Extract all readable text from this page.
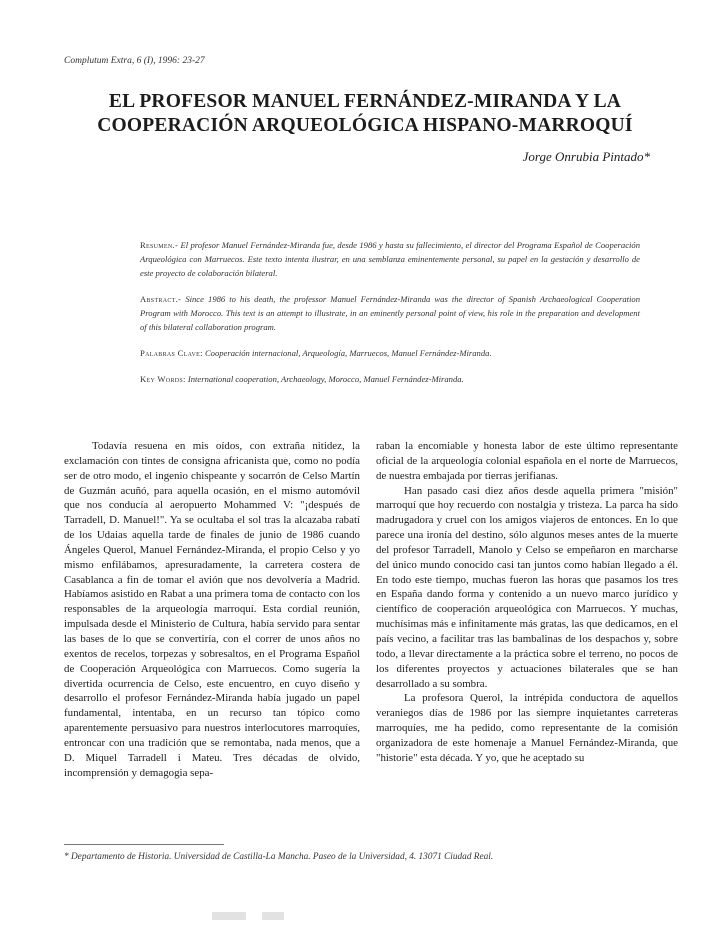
Complutum Extra, 6 (I), 1996: 23-27
EL PROFESOR MANUEL FERNÁNDEZ-MIRANDA Y LA
COOPERACIÓN ARQUEOLÓGICA HISPANO-MARROQUÍ
Jorge Onrubia Pintado*

Resumen.- El profesor Manuel Fernández-Miranda fue, desde 1986 y hasta su fallecimiento, el director del Programa Español de Cooperación Arqueológica con Marruecos. Este texto intenta ilustrar, en una semblanza eminentemente personal, su papel en la gestación y desarrollo de este proyecto de colaboración bilateral.

Abstract.- Since 1986 to his death, the professor Manuel Fernández-Miranda was the director of Spanish Archaeological Cooperation Program with Morocco. This text is an attempt to illustrate, in an eminently personal point of view, his role in the preparation and development of this bilateral collaboration program.

Palabras Clave: Cooperación internacional, Arqueología, Marruecos, Manuel Fernández-Miranda.

Key Words: International cooperation, Archaeology, Morocco, Manuel Fernández-Miranda.

Todavía resuena en mis oídos, con extraña nitidez, la exclamación con tintes de consigna africanista que, como no podía ser de otro modo, el ingenio chispeante y socarrón de Celso Martín de Guzmán acuñó, para aquella ocasión, en el mismo automóvil que nos conducía al aeropuerto Mohammed V: "¡después de Tarradell, D. Manuel!". Ya se ocultaba el sol tras la alcazaba rabatí de los Udaias aquella tarde de finales de junio de 1986 cuando Ángeles Querol, Manuel Fernández-Miranda, el propio Celso y yo mismo enfilábamos, apresuradamente, la carretera costera de Casablanca a fin de tomar el avión que nos devolvería a Madrid. Habíamos asistido en Rabat a una primera toma de contacto con los responsables de la arqueología marroquí. Esta cordial reunión, impulsada desde el Ministerio de Cultura, había servido para sentar las bases de lo que se convertiría, con el correr de unos años no exentos de recelos, torpezas y sobresaltos, en el Programa Español de Cooperación Arqueológica con Marruecos. Como sugería la divertida ocurrencia de Celso, este encuentro, en cuyo diseño y desarrollo el profesor Fernández-Miranda había jugado un papel fundamental, intentaba, en un recurso tan tópico como aparentemente persuasivo para nuestros interlocutores marroquíes, entroncar con una tradición que se remontaba, nada menos, que a D. Miquel Tarradell i Mateu. Tres décadas de olvido, incomprensión y demagogia sepa-

raban la encomiable y honesta labor de este último representante oficial de la arqueología colonial española en el norte de Marruecos, de nuestra embajada por tierras jerifianas.

Han pasado casi diez años desde aquella primera "misión" marroquí que hoy recuerdo con nostalgia y tristeza. La parca ha sido madrugadora y cruel con los amigos viajeros de entonces. En lo que parece una ironía del destino, sólo algunos meses antes de la muerte del profesor Tarradell, Manolo y Celso se empeñaron en marcharse del único mundo conocido casi tan juntos como habían llegado a él. En todo este tiempo, muchas fueron las horas que pasamos los tres en España dando forma y contenido a un nuevo marco jurídico y científico de cooperación arqueológica con Marruecos. Y muchas, muchísimas más e infinitamente más gratas, las que dedicamos, en el país vecino, a facilitar tras las bambalinas de los despachos y, sobre todo, a llevar directamente a la práctica sobre el terreno, no pocos de los diferentes proyectos y actuaciones bilaterales que se han desarrollado a su sombra.

La profesora Querol, la intrépida conductora de aquellos veraniegos días de 1986 por las siempre inquietantes carreteras marroquíes, me ha pedido, como representante de la comisión organizadora de este homenaje a Manuel Fernández-Miranda, que "historie" esta década. Y yo, que he aceptado su

* Departamento de Historia. Universidad de Castilla-La Mancha. Paseo de la Universidad, 4. 13071 Ciudad Real.
